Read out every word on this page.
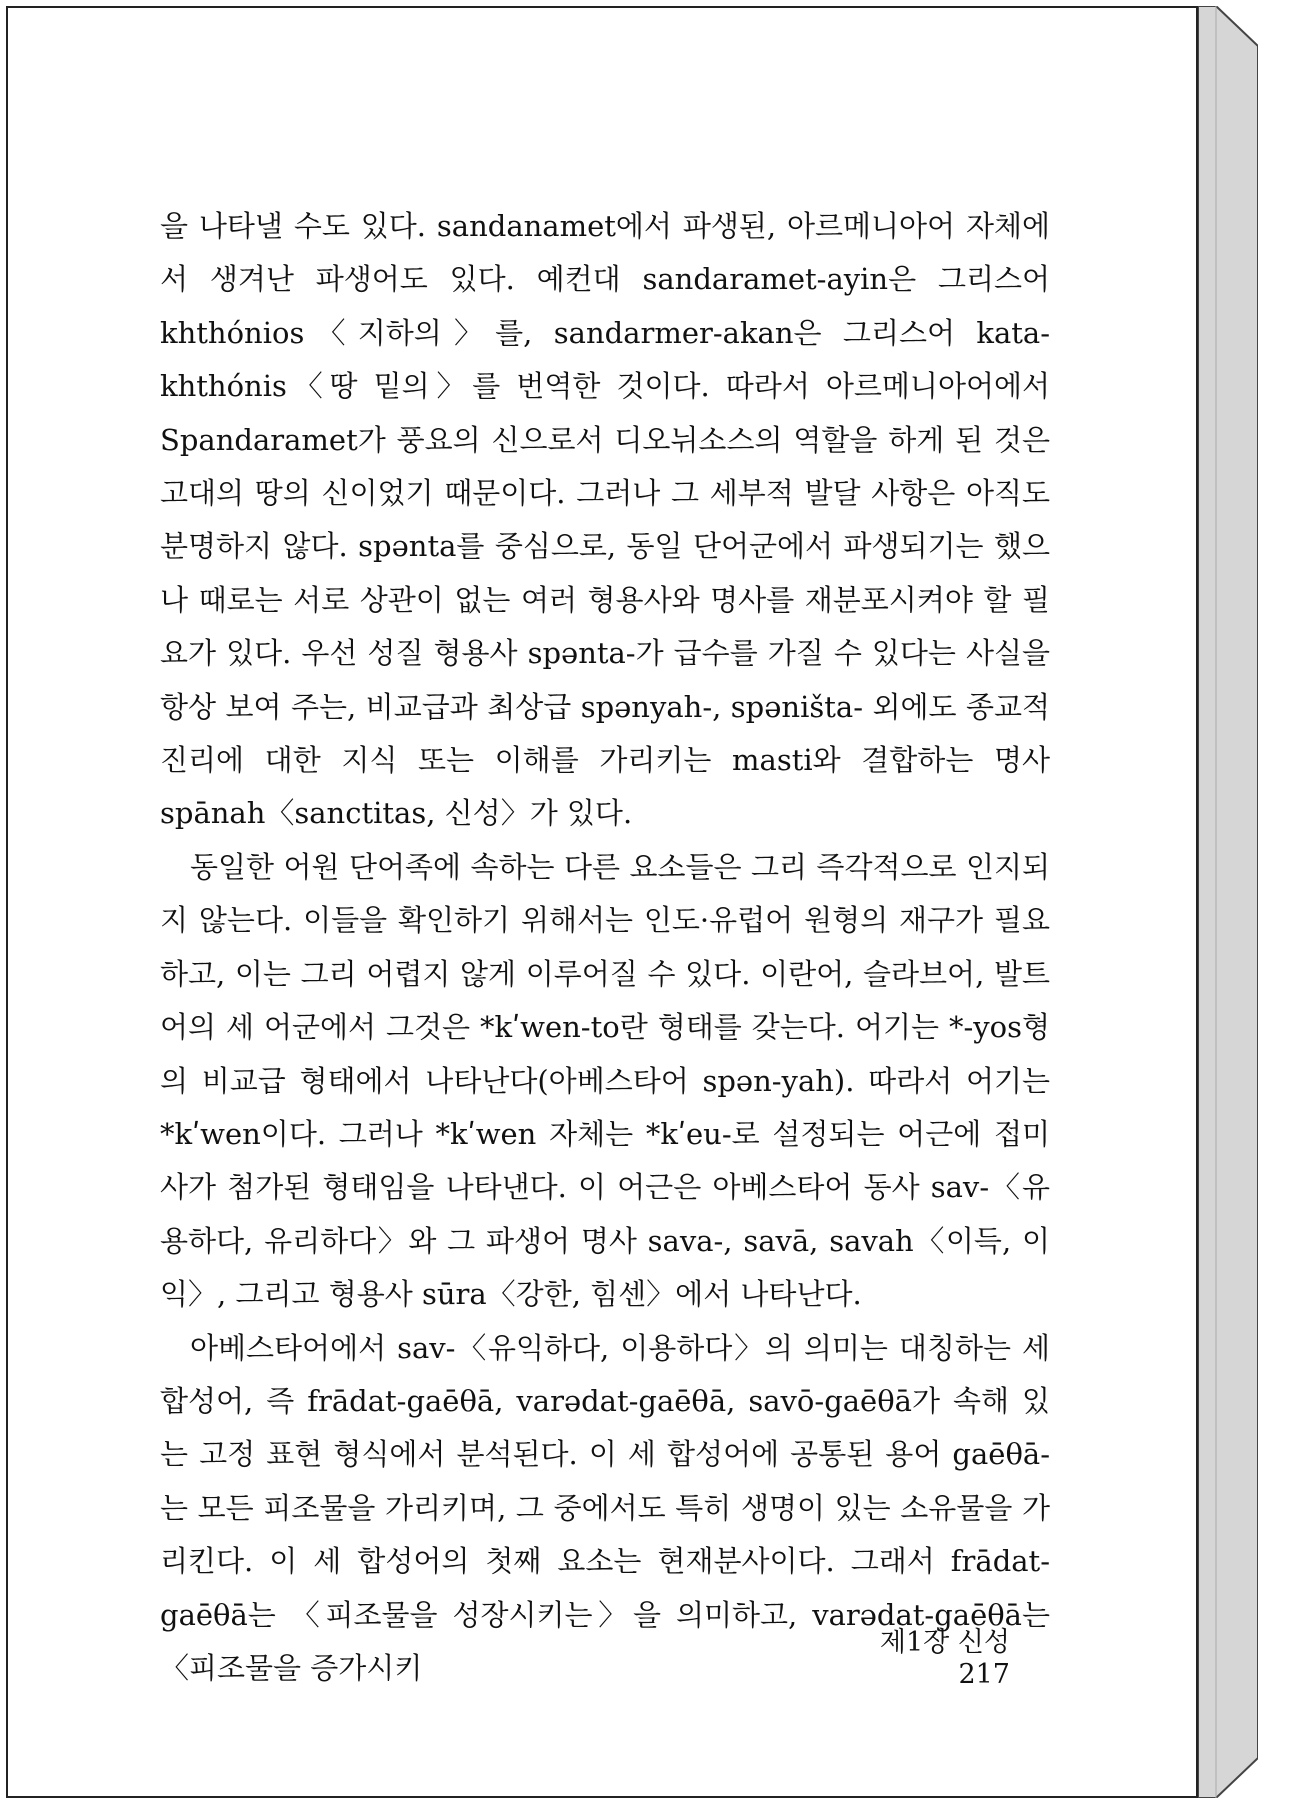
을 나타낼 수도 있다. sandanamet에서 파생된, 아르메니아어 자체에서 생겨난 파생어도 있다. 예컨대 sandaramet-ayin은 그리스어 khthónios〈지하의〉를, sandarmer-akan은 그리스어 kata-khthónis〈땅 밑의〉를 번역한 것이다. 따라서 아르메니아어에서 Spandaramet가 풍요의 신으로서 디오뉘소스의 역할을 하게 된 것은 고대의 땅의 신이었기 때문이다. 그러나 그 세부적 발달 사항은 아직도 분명하지 않다. spənta를 중심으로, 동일 단어군에서 파생되기는 했으나 때로는 서로 상관이 없는 여러 형용사와 명사를 재분포시켜야 할 필요가 있다. 우선 성질 형용사 spənta-가 급수를 가질 수 있다는 사실을 항상 보여 주는, 비교급과 최상급 spənyah-, spəništa- 외에도 종교적 진리에 대한 지식 또는 이해를 가리키는 masti와 결합하는 명사 spānah〈sanctitas, 신성〉가 있다.

동일한 어원 단어족에 속하는 다른 요소들은 그리 즉각적으로 인지되지 않는다. 이들을 확인하기 위해서는 인도·유럽어 원형의 재구가 필요하고, 이는 그리 어렵지 않게 이루어질 수 있다. 이란어, 슬라브어, 발트어의 세 어군에서 그것은 *kʹwen-to란 형태를 갖는다. 어기는 *-yos형의 비교급 형태에서 나타난다(아베스타어 spən-yah). 따라서 어기는 *kʹwen이다. 그러나 *kʹwen 자체는 *kʹeu-로 설정되는 어근에 접미사가 첨가된 형태임을 나타낸다. 이 어근은 아베스타어 동사 sav-〈유용하다, 유리하다〉와 그 파생어 명사 sava-, savā, savah〈이득, 이익〉, 그리고 형용사 sūra〈강한, 힘센〉에서 나타난다.

아베스타어에서 sav-〈유익하다, 이용하다〉의 의미는 대칭하는 세 합성어, 즉 frādat-gaēθā, varədat-gaēθā, savō-gaēθā가 속해 있는 고정 표현 형식에서 분석된다. 이 세 합성어에 공통된 용어 gaēθā-는 모든 피조물을 가리키며, 그 중에서도 특히 생명이 있는 소유물을 가리킨다. 이 세 합성어의 첫째 요소는 현재분사이다. 그래서 frādat-gaēθā는 〈피조물을 성장시키는〉을 의미하고, varədat-gaēθā는 〈피조물을 증가시키

제1장 신성217
